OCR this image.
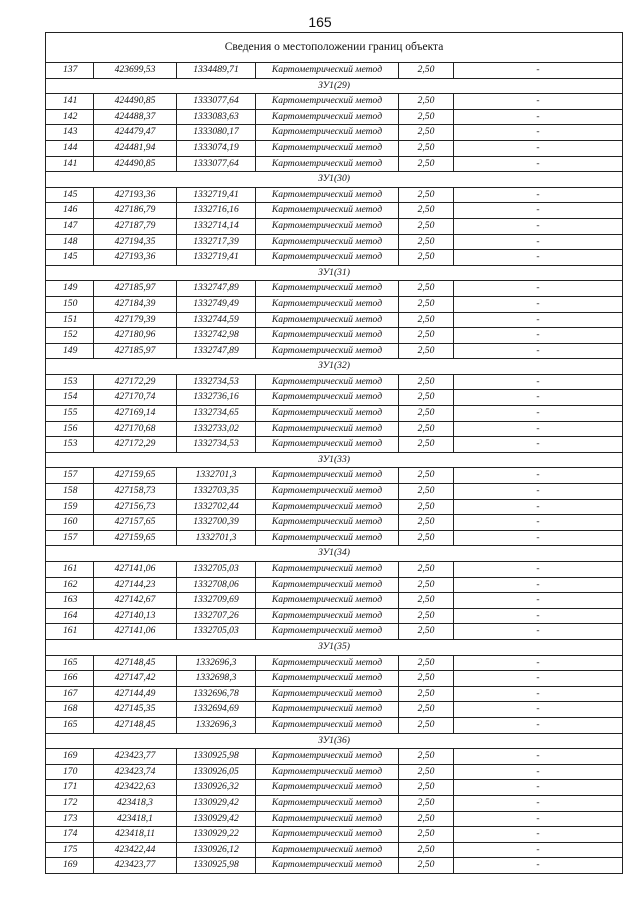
165
Сведения о местоположении границ объекта					
137	423699,53	1334489,71	Картометрический метод	2,50	-
ЗУ1(29)					
141	424490,85	1333077,64	Картометрический метод	2,50	-
142	424488,37	1333083,63	Картометрический метод	2,50	-
143	424479,47	1333080,17	Картометрический метод	2,50	-
144	424481,94	1333074,19	Картометрический метод	2,50	-
141	424490,85	1333077,64	Картометрический метод	2,50	-
ЗУ1(30)					
145	427193,36	1332719,41	Картометрический метод	2,50	-
146	427186,79	1332716,16	Картометрический метод	2,50	-
147	427187,79	1332714,14	Картометрический метод	2,50	-
148	427194,35	1332717,39	Картометрический метод	2,50	-
145	427193,36	1332719,41	Картометрический метод	2,50	-
ЗУ1(31)					
149	427185,97	1332747,89	Картометрический метод	2,50	-
150	427184,39	1332749,49	Картометрический метод	2,50	-
151	427179,39	1332744,59	Картометрический метод	2,50	-
152	427180,96	1332742,98	Картометрический метод	2,50	-
149	427185,97	1332747,89	Картометрический метод	2,50	-
ЗУ1(32)					
153	427172,29	1332734,53	Картометрический метод	2,50	-
154	427170,74	1332736,16	Картометрический метод	2,50	-
155	427169,14	1332734,65	Картометрический метод	2,50	-
156	427170,68	1332733,02	Картометрический метод	2,50	-
153	427172,29	1332734,53	Картометрический метод	2,50	-
ЗУ1(33)					
157	427159,65	1332701,3	Картометрический метод	2,50	-
158	427158,73	1332703,35	Картометрический метод	2,50	-
159	427156,73	1332702,44	Картометрический метод	2,50	-
160	427157,65	1332700,39	Картометрический метод	2,50	-
157	427159,65	1332701,3	Картометрический метод	2,50	-
ЗУ1(34)					
161	427141,06	1332705,03	Картометрический метод	2,50	-
162	427144,23	1332708,06	Картометрический метод	2,50	-
163	427142,67	1332709,69	Картометрический метод	2,50	-
164	427140,13	1332707,26	Картометрический метод	2,50	-
161	427141,06	1332705,03	Картометрический метод	2,50	-
ЗУ1(35)					
165	427148,45	1332696,3	Картометрический метод	2,50	-
166	427147,42	1332698,3	Картометрический метод	2,50	-
167	427144,49	1332696,78	Картометрический метод	2,50	-
168	427145,35	1332694,69	Картометрический метод	2,50	-
165	427148,45	1332696,3	Картометрический метод	2,50	-
ЗУ1(36)					
169	423423,77	1330925,98	Картометрический метод	2,50	-
170	423423,74	1330926,05	Картометрический метод	2,50	-
171	423422,63	1330926,32	Картометрический метод	2,50	-
172	423418,3	1330929,42	Картометрический метод	2,50	-
173	423418,1	1330929,42	Картометрический метод	2,50	-
174	423418,11	1330929,22	Картометрический метод	2,50	-
175	423422,44	1330926,12	Картометрический метод	2,50	-
169	423423,77	1330925,98	Картометрический метод	2,50	-
